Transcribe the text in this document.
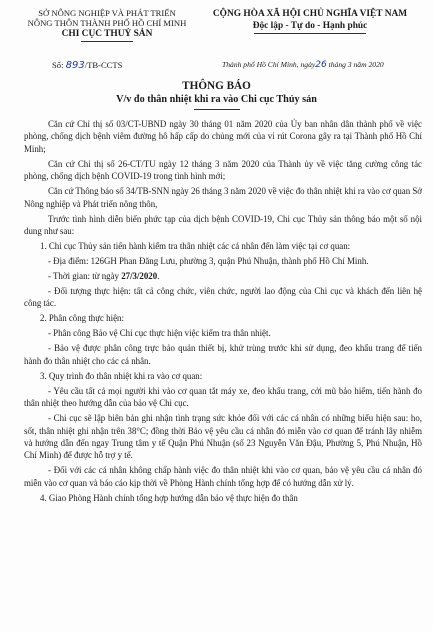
SỞ NÔNG NGHIỆP VÀ PHÁT TRIỂN
NÔNG THÔN THÀNH PHỐ HỒ CHÍ MINH
CHI CỤC THUỶ SẢN
CỘNG HÒA XÃ HỘI CHỦ NGHĨA VIỆT NAM
Độc lập - Tự do - Hạnh phúc
Số: 893/TB-CCTS	Thành phố Hồ Chí Minh, ngày26 tháng 3 năm 2020
THÔNG BÁO
V/v đo thân nhiệt khi ra vào Chi cục Thủy sản

Căn cứ Chỉ thị số 03/CT-UBND ngày 30 tháng 01 năm 2020 của Ủy ban nhân dân thành phố về việc phòng, chống dịch bệnh viêm đường hô hấp cấp do chủng mới của vi rút Corona gây ra tại Thành phố Hồ Chí Minh;

Căn cứ Chỉ thị số 26-CT/TU ngày 12 tháng 3 năm 2020 của Thành ủy về việc tăng cường công tác phòng, chống dịch bệnh COVID-19 trong tình hình mới;

Căn cứ Thông báo số 34/TB-SNN ngày 26 tháng 3 năm 2020 về việc đo thân nhiệt khi ra vào cơ quan Sở Nông nghiệp và Phát triển nông thôn,

Trước tình hình diễn biến phức tạp của dịch bệnh COVID-19, Chi cục Thủy sản thông báo một số nội dung như sau:

1. Chi cục Thủy sản tiến hành kiểm tra thân nhiệt các cá nhân đến làm việc tại cơ quan:

- Địa điểm: 126GH Phan Đăng Lưu, phường 3, quận Phú Nhuận, thành phố Hồ Chí Minh.

- Thời gian: từ ngày 27/3/2020.

- Đối tượng thực hiện: tất cả công chức, viên chức, người lao động của Chi cục và khách đến liên hệ công tác.

2. Phân công thực hiện:

- Phân công Bảo vệ Chi cục thực hiện việc kiểm tra thân nhiệt.

- Bảo vệ được phân công trực bảo quản thiết bị, khử trùng trước khi sử dụng, đeo khẩu trang để tiến hành đo thân nhiệt cho các cá nhân.

3. Quy trình đo thân nhiệt khi ra vào cơ quan:

- Yêu cầu tất cả mọi người khi vào cơ quan tắt máy xe, đeo khẩu trang, cởi mũ bảo hiểm, tiến hành đo thân nhiệt theo hướng dẫn của bảo vệ Chi cục.

- Chi cục sẽ lập biên bản ghi nhận tình trạng sức khỏe đối với các cá nhân có những biểu hiện sau: ho, sốt, thân nhiệt ghi nhận trên 38°C; đồng thời Bảo vệ yêu cầu cá nhân đó miễn vào cơ quan để tránh lây nhiễm và hướng dẫn đến ngay Trung tâm y tế Quận Phú Nhuận (số 23 Nguyễn Văn Đậu, Phường 5, Phú Nhuận, Hồ Chí Minh) để được hỗ trợ y tế.

- Đối với các cá nhân không chấp hành việc đo thân nhiệt khi vào cơ quan, bảo vệ yêu cầu cá nhân đó miễn vào cơ quan và báo cáo kịp thời về Phòng Hành chính tổng hợp để có hướng dẫn xử lý.

4. Giao Phòng Hành chính tổng hợp hướng dẫn bảo vệ thực hiện đo thân
